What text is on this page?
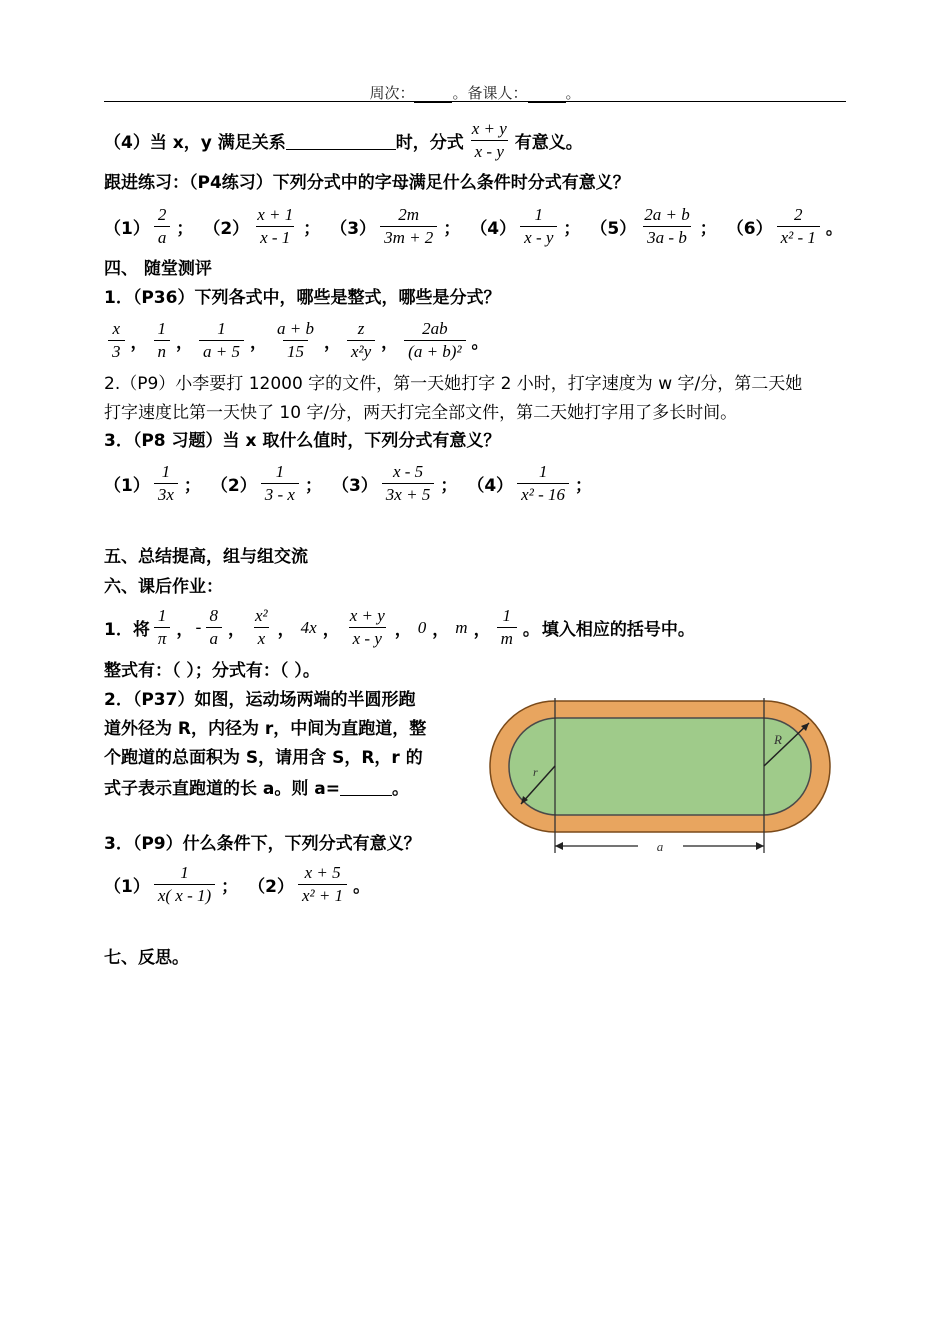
周次：	。备课人：	。
（4）当 x，y 满足关系	时，分式 $\frac{x + y}{x - y}$ 有意义。
跟进练习：（P4练习）下列分式中的字母满足什么条件时分式有意义？
$(1) \frac{2}{a}$ ； $(2) \frac{x + 1}{x - 1}$ ； $(3) \frac{2m}{3m + 2}$ ； $(4) \frac{1}{x - y}$ ； $(5) \frac{2a + b}{3a - b}$ ； $(6) \frac{2}{\text{x² - 1}}$ 。
四、 随堂测评
1．（P36）下列各式中，哪些是整式，哪些是分式？
$\frac{x}{3}$ ， $\frac{1}{n}$ ， $\frac{1}{a + 5}$ ， $\frac{a + b}{15}$ ， $\frac{z}{\text{x²y}}$ ， $\frac{2ab}{\text{(a + b)²}}$ 。
2.（P9）小李要打 12000 字的文件，第一天她打字 2 小时，打字速度为 w 字/分，第二天她
打字速度比第一天快了 10 字/分，两天打完全部文件，第二天她打字用了多长时间。
3．（P8 习题）当 x 取什么值时，下列分式有意义？
$(1) \frac{1}{3x}$ ； $(2) \frac{1}{3 - x}$ ； $(3) \frac{x - 5}{3x + 5}$ ； $(4) \frac{1}{\text{x² - 16}}$ ；
五、总结提高，组与组交流
六、课后作业：
1．将 $\frac{1}{\pi}$ ， - $\frac{8}{a}$ ， $\frac{\text{x²}}{x}$ ， 4x ， $\frac{x + y}{x - y}$ ， 0 ， m ， $\frac{1}{m}$ 。 填入相应的括号中。
整式有：（ ）；分式有：（ ）。
2．（P37）如图，运动场两端的半圆形跑
道外径为 R，内径为 r，中间为直跑道，整
个跑道的总面积为 S，请用含 S，R，r 的
式子表示直跑道的长 a。则 a=	。
R
r
a
3．（P9）什么条件下，下列分式有意义？
$(1) \frac{1}{x( x - 1)}$ ； $(2) \frac{x + 5}{\text{x² + 1}}$ 。
七、反思。
